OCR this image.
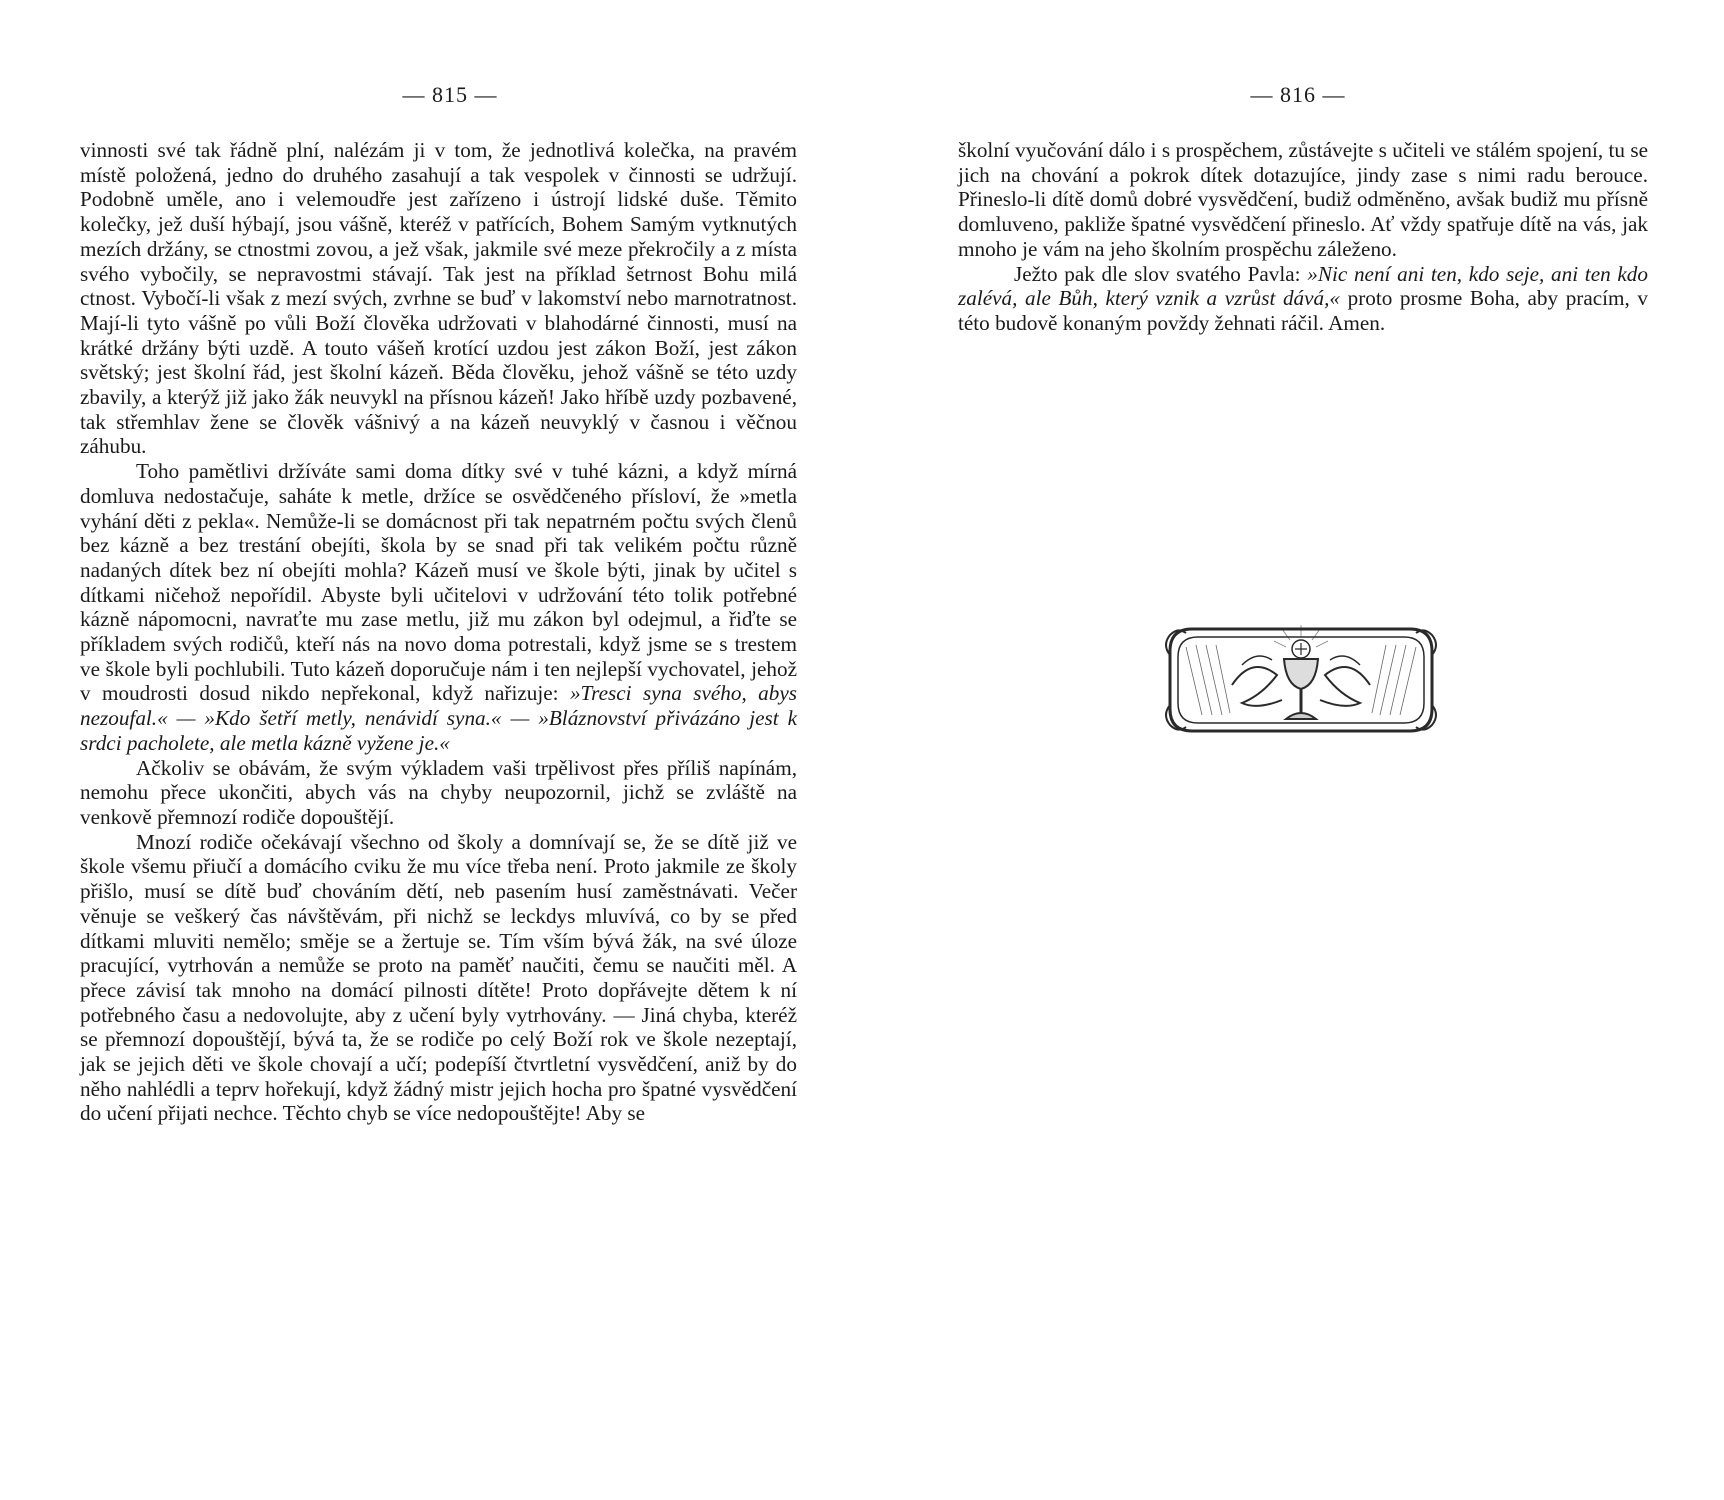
— 815 —

vinnosti své tak řádně plní, nalézám ji v tom, že jednotlivá kolečka, na pravém místě položená, jedno do druhého zasahují a tak vespolek v činnosti se udržují. Podobně uměle, ano i velemoudře jest zařízeno i ústrojí lidské duše. Těmito kolečky, jež duší hýbají, jsou vášně, kteréž v patřících, Bohem Samým vytknutých mezích držány, se ctnostmi zovou, a jež však, jakmile své meze překročily a z místa svého vybočily, se nepravostmi stávají. Tak jest na příklad šetrnost Bohu milá ctnost. Vybočí-li však z mezí svých, zvrhne se buď v lakomství nebo marnotratnost. Mají-li tyto vášně po vůli Boží člověka udržovati v blahodárné činnosti, musí na krátké držány býti uzdě. A touto vášeň krotící uzdou jest zákon Boží, jest zákon světský; jest školní řád, jest školní kázeň. Běda člověku, jehož vášně se této uzdy zbavily, a kterýž již jako žák neuvykl na přísnou kázeň! Jako hříbě uzdy pozbavené, tak střemhlav žene se člověk vášnivý a na kázeň neuvyklý v časnou i věčnou záhubu.

Toho pamětlivi držíváte sami doma dítky své v tuhé kázni, a když mírná domluva nedostačuje, saháte k metle, držíce se osvědčeného přísloví, že »metla vyhání děti z pekla«. Nemůže-li se domácnost při tak nepatrném počtu svých členů bez kázně a bez trestání obejíti, škola by se snad při tak velikém počtu různě nadaných dítek bez ní obejíti mohla? Kázeň musí ve škole býti, jinak by učitel s dítkami ničehož nepořídil. Abyste byli učitelovi v udržování této tolik potřebné kázně nápomocni, navraťte mu zase metlu, již mu zákon byl odejmul, a řiďte se příkladem svých rodičů, kteří nás na novo doma potrestali, když jsme se s trestem ve škole byli pochlubili. Tuto kázeň doporučuje nám i ten nejlepší vychovatel, jehož v moudrosti dosud nikdo nepřekonal, když nařizuje: »Tresci syna svého, abys nezoufal.« — »Kdo šetří metly, nenávidí syna.« — »Bláznovství přivázáno jest k srdci pacholete, ale metla kázně vyžene je.«

Ačkoliv se obávám, že svým výkladem vaši trpělivost přes příliš napínám, nemohu přece ukončiti, abych vás na chyby neupozornil, jichž se zvláště na venkově přemnozí rodiče dopouštějí.

Mnozí rodiče očekávají všechno od školy a domnívají se, že se dítě již ve škole všemu přiučí a domácího cviku že mu více třeba není. Proto jakmile ze školy přišlo, musí se dítě buď chováním dětí, neb pasením husí zaměstnávati. Večer věnuje se veškerý čas návštěvám, při nichž se leckdys mluvívá, co by se před dítkami mluviti nemělo; směje se a žertuje se. Tím vším bývá žák, na své úloze pracující, vytrhován a nemůže se proto na paměť naučiti, čemu se naučiti měl. A přece závisí tak mnoho na domácí pilnosti dítěte! Proto dopřávejte dětem k ní potřebného času a nedovolujte, aby z učení byly vytrhovány. — Jiná chyba, kteréž se přemnozí dopouštějí, bývá ta, že se rodiče po celý Boží rok ve škole nezeptají, jak se jejich děti ve škole chovají a učí; podepíší čtvrtletní vysvědčení, aniž by do něho nahlédli a teprv hořekují, když žádný mistr jejich hocha pro špatné vysvědčení do učení přijati nechce. Těchto chyb se více nedopouštějte! Aby se

— 816 —

školní vyučování dálo i s prospěchem, zůstávejte s učiteli ve stálém spojení, tu se jich na chování a pokrok dítek dotazujíce, jindy zase s nimi radu berouce. Přineslo-li dítě domů dobré vysvědčení, budiž odměněno, avšak budiž mu přísně domluveno, pakliže špatné vysvědčení přineslo. Ať vždy spatřuje dítě na vás, jak mnoho je vám na jeho školním prospěchu záleženo.

Ježto pak dle slov svatého Pavla: »Nic není ani ten, kdo seje, ani ten kdo zalévá, ale Bůh, který vznik a vzrůst dává,« proto prosme Boha, aby pracím, v této budově konaným povždy žehnati ráčil. Amen.
